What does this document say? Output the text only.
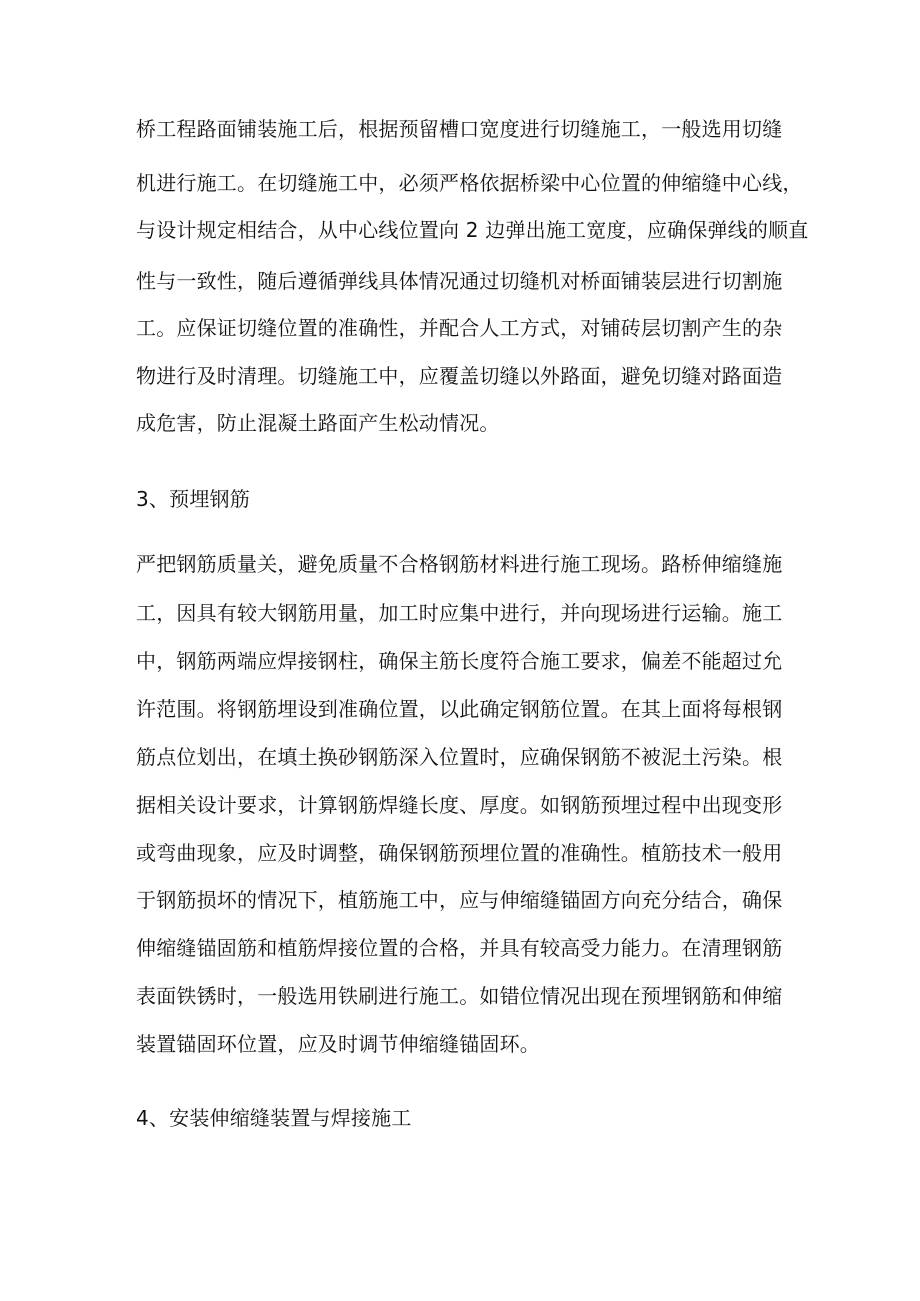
桥工程路面铺装施工后，根据预留槽口宽度进行切缝施工，一般选用切缝
机进行施工。在切缝施工中，必须严格依据桥梁中心位置的伸缩缝中心线，
与设计规定相结合，从中心线位置向 2 边弹出施工宽度，应确保弹线的顺直
性与一致性，随后遵循弹线具体情况通过切缝机对桥面铺装层进行切割施
工。应保证切缝位置的准确性，并配合人工方式，对铺砖层切割产生的杂
物进行及时清理。切缝施工中，应覆盖切缝以外路面，避免切缝对路面造
成危害，防止混凝土路面产生松动情况。
3、预埋钢筋
严把钢筋质量关，避免质量不合格钢筋材料进行施工现场。路桥伸缩缝施
工，因具有较大钢筋用量，加工时应集中进行，并向现场进行运输。施工
中，钢筋两端应焊接钢柱，确保主筋长度符合施工要求，偏差不能超过允
许范围。将钢筋埋设到准确位置，以此确定钢筋位置。在其上面将每根钢
筋点位划出，在填土换砂钢筋深入位置时，应确保钢筋不被泥土污染。根
据相关设计要求，计算钢筋焊缝长度、厚度。如钢筋预埋过程中出现变形
或弯曲现象，应及时调整，确保钢筋预埋位置的准确性。植筋技术一般用
于钢筋损坏的情况下，植筋施工中，应与伸缩缝锚固方向充分结合，确保
伸缩缝锚固筋和植筋焊接位置的合格，并具有较高受力能力。在清理钢筋
表面铁锈时，一般选用铁刷进行施工。如错位情况出现在预埋钢筋和伸缩
装置锚固环位置，应及时调节伸缩缝锚固环。
4、安装伸缩缝装置与焊接施工
